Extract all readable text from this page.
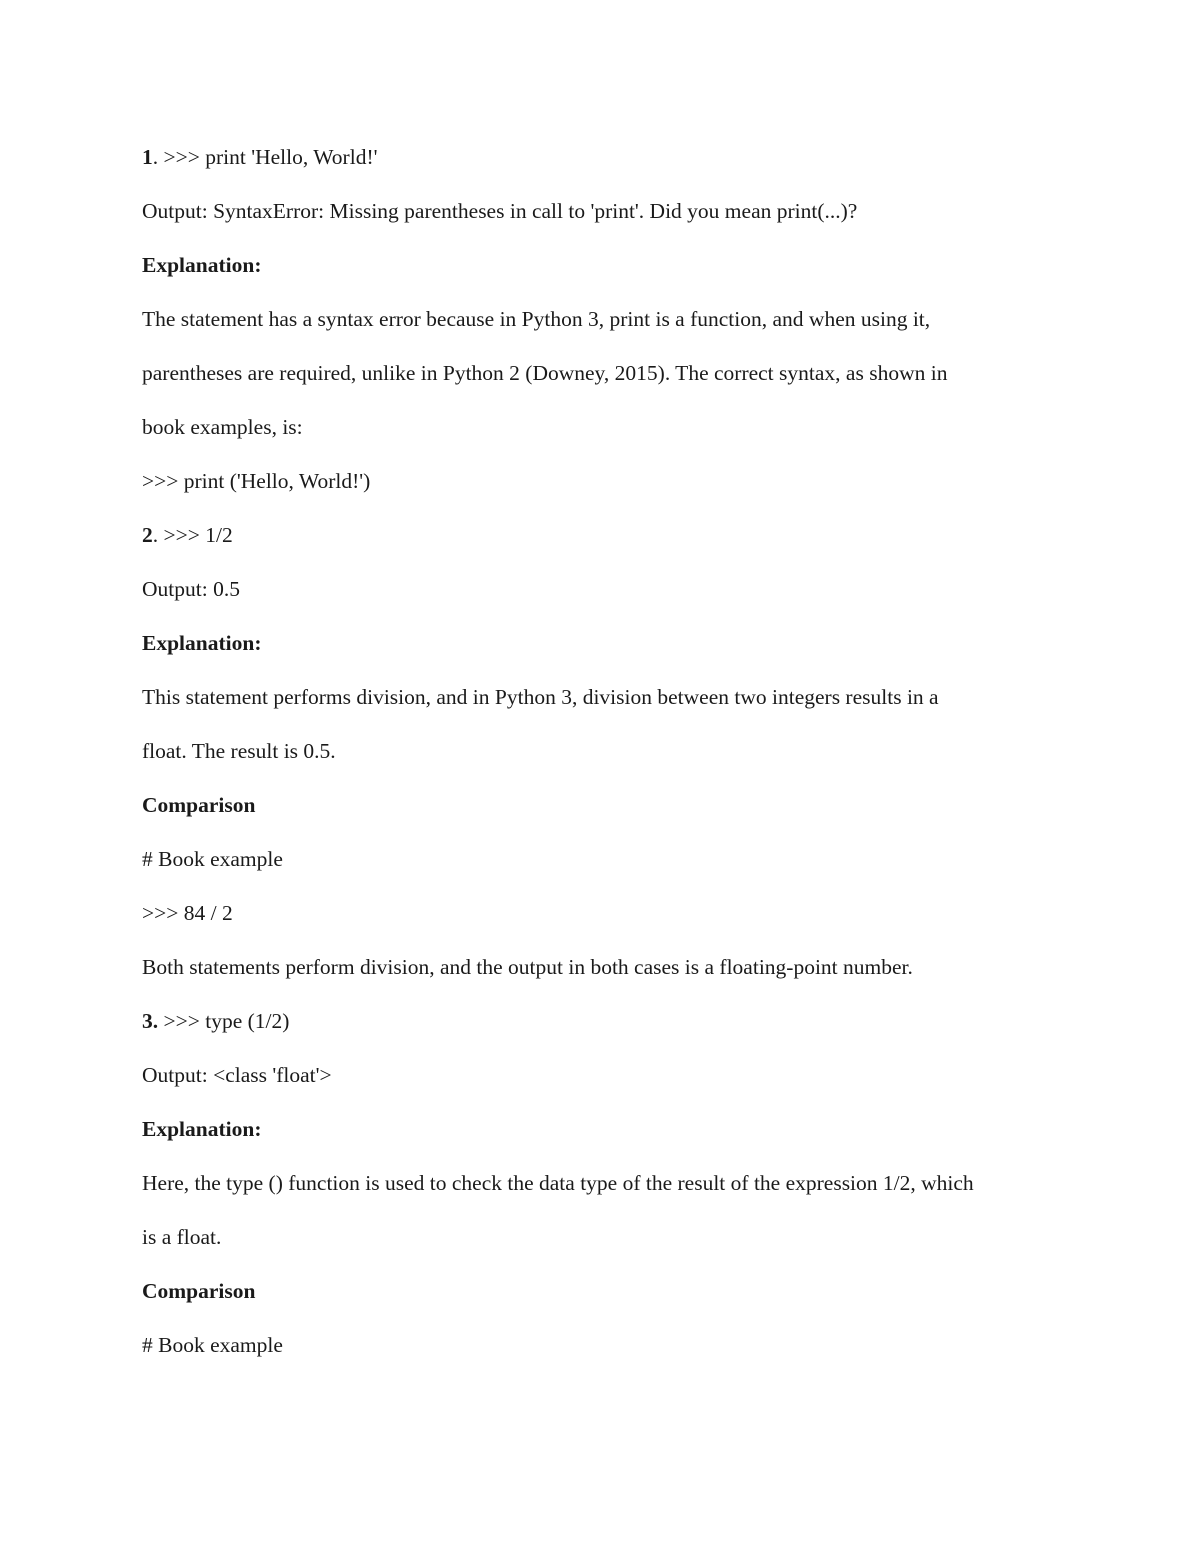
1. >>> print 'Hello, World!'
Output: SyntaxError: Missing parentheses in call to 'print'. Did you mean print(...)?
Explanation:
The statement has a syntax error because in Python 3, print is a function, and when using it,
parentheses are required, unlike in Python 2 (Downey, 2015). The correct syntax, as shown in
book examples, is:
>>> print ('Hello, World!')
2. >>> 1/2
Output: 0.5
Explanation:
This statement performs division, and in Python 3, division between two integers results in a
float. The result is 0.5.
Comparison
# Book example
>>> 84 / 2
Both statements perform division, and the output in both cases is a floating-point number.
3. >>> type (1/2)
Output: <class 'float'>
Explanation:
Here, the type () function is used to check the data type of the result of the expression 1/2, which
is a float.
Comparison
# Book example
